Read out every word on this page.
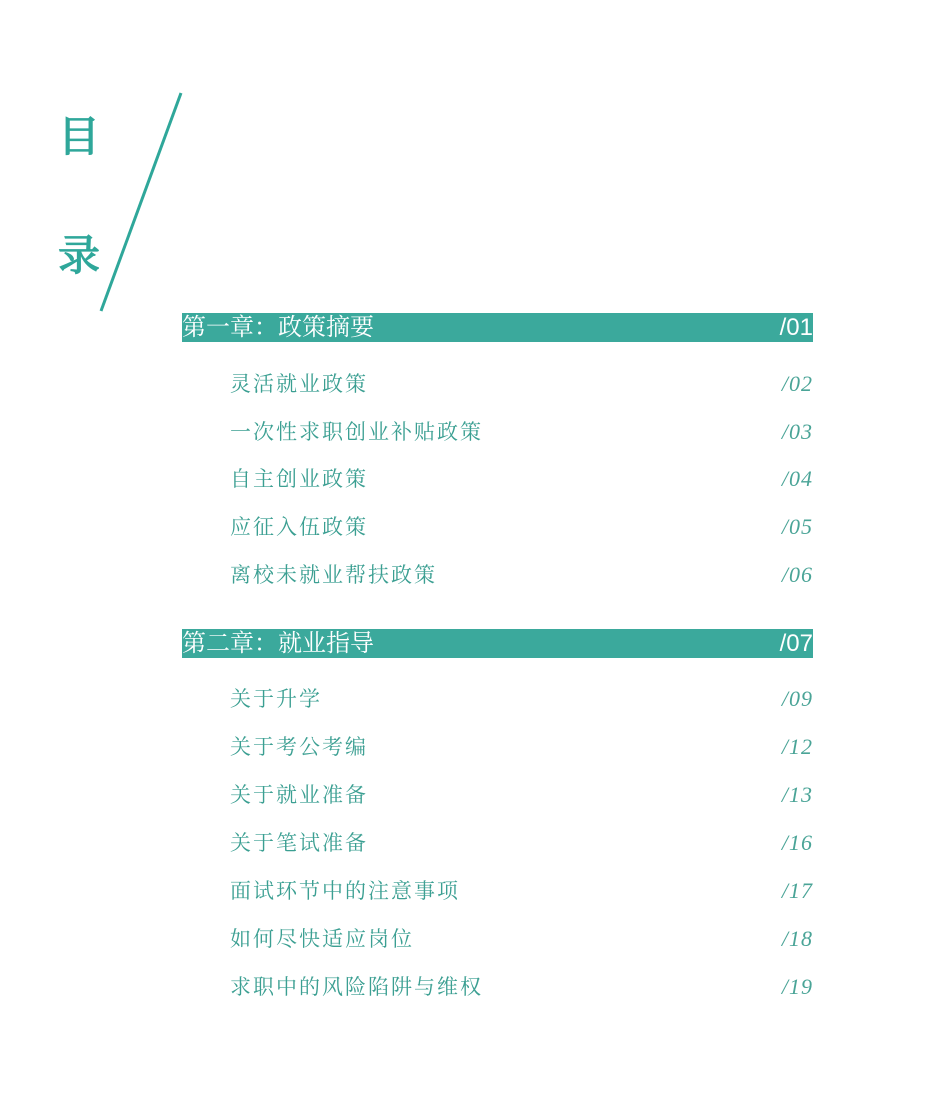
目
录
第一章：政策摘要	/01
灵活就业政策	/02
一次性求职创业补贴政策	/03
自主创业政策	/04
应征入伍政策	/05
离校未就业帮扶政策	/06
第二章：就业指导	/07
关于升学	/09
关于考公考编	/12
关于就业准备	/13
关于笔试准备	/16
面试环节中的注意事项	/17
如何尽快适应岗位	/18
求职中的风险陷阱与维权	/19
